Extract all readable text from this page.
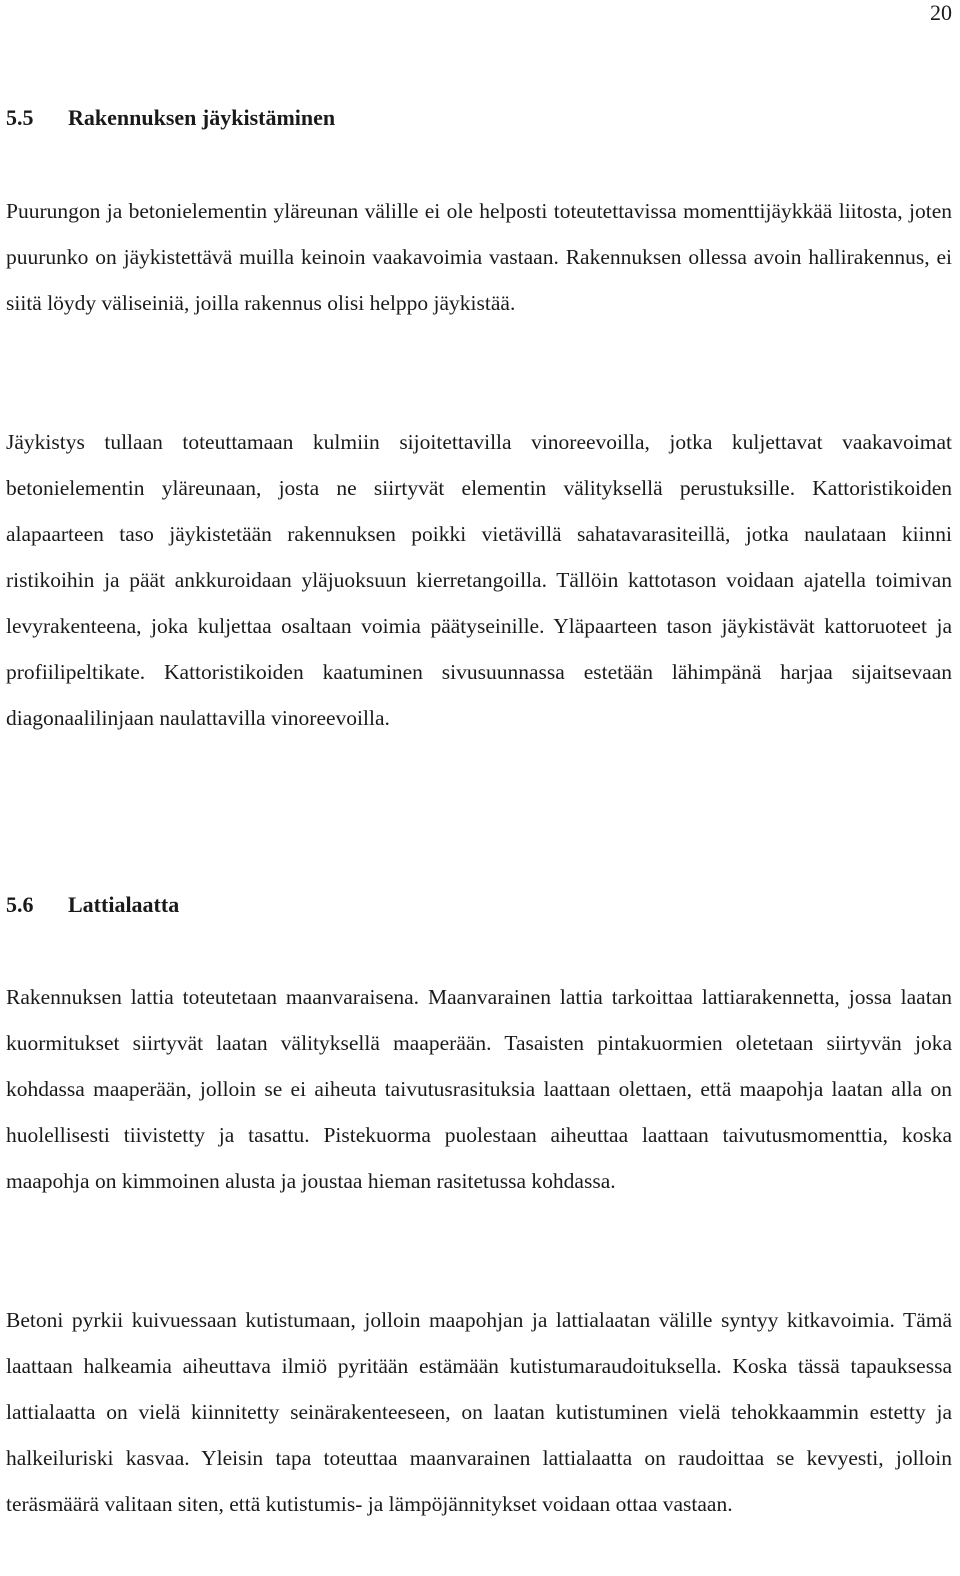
20
5.5 Rakennuksen jäykistäminen

Puurungon ja betonielementin yläreunan välille ei ole helposti toteutettavissa momenttijäykkää liitosta, joten puurunko on jäykistettävä muilla keinoin vaakavoimia vastaan. Rakennuksen ollessa avoin hallirakennus, ei siitä löydy väliseiniä, joilla rakennus olisi helppo jäykistää.

Jäykistys tullaan toteuttamaan kulmiin sijoitettavilla vinoreevoilla, jotka kuljettavat vaakavoimat betonielementin yläreunaan, josta ne siirtyvät elementin välityksellä perustuksille. Kattoristikoiden alapaarteen taso jäykistetään rakennuksen poikki vietävillä sahatavarasiteillä, jotka naulataan kiinni ristikoihin ja päät ankkuroidaan yläjuoksuun kierretangoilla. Tällöin kattotason voidaan ajatella toimivan levyrakenteena, joka kuljettaa osaltaan voimia päätyseinille. Yläpaarteen tason jäykistävät kattoruoteet ja profiilipeltikate. Kattoristikoiden kaatuminen sivusuunnassa estetään lähimpänä harjaa sijaitsevaan diagonaalilinjaan naulattavilla vinoreevoilla.

5.6 Lattialaatta

Rakennuksen lattia toteutetaan maanvaraisena. Maanvarainen lattia tarkoittaa lattiarakennetta, jossa laatan kuormitukset siirtyvät laatan välityksellä maaperään. Tasaisten pintakuormien oletetaan siirtyvän joka kohdassa maaperään, jolloin se ei aiheuta taivutusrasituksia laattaan olettaen, että maapohja laatan alla on huolellisesti tiivistetty ja tasattu. Pistekuorma puolestaan aiheuttaa laattaan taivutusmomenttia, koska maapohja on kimmoinen alusta ja joustaa hieman rasitetussa kohdassa.

Betoni pyrkii kuivuessaan kutistumaan, jolloin maapohjan ja lattialaatan välille syntyy kitkavoimia. Tämä laattaan halkeamia aiheuttava ilmiö pyritään estämään kutistumaraudoituksella. Koska tässä tapauksessa lattialaatta on vielä kiinnitetty seinärakenteeseen, on laatan kutistuminen vielä tehokkaammin estetty ja halkeiluriski kasvaa. Yleisin tapa toteuttaa maanvarainen lattialaatta on raudoittaa se kevyesti, jolloin teräsmäärä valitaan siten, että kutistumis- ja lämpöjännitykset voidaan ottaa vastaan.
